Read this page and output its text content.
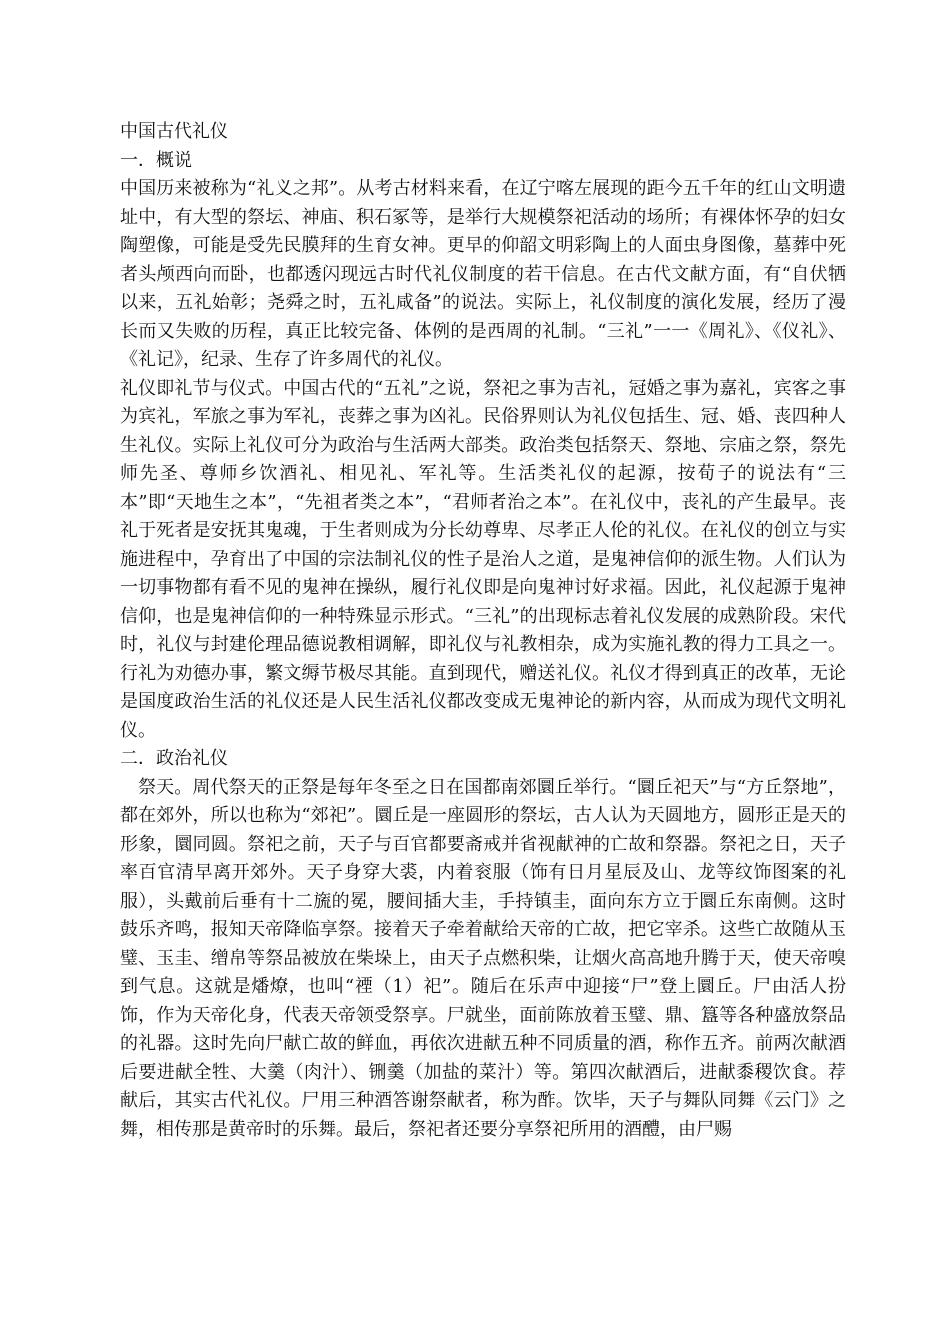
中国古代礼仪

一．概说

中国历来被称为“礼义之邦”。从考古材料来看，在辽宁喀左展现的距今五千年的红山文明遗址中，有大型的祭坛、神庙、积石冢等，是举行大规模祭祀活动的场所；有裸体怀孕的妇女陶塑像，可能是受先民膜拜的生育女神。更早的仰韶文明彩陶上的人面虫身图像，墓葬中死者头颅西向而卧，也都透闪现远古时代礼仪制度的若干信息。在古代文献方面，有“自伏牺以来，五礼始彰；尧舜之时，五礼咸备”的说法。实际上，礼仪制度的演化发展，经历了漫长而又失败的历程，真正比较完备、体例的是西周的礼制。“三礼”一一《周礼》、《仪礼》、《礼记》，纪录、生存了许多周代的礼仪。

礼仪即礼节与仪式。中国古代的“五礼”之说，祭祀之事为吉礼，冠婚之事为嘉礼，宾客之事为宾礼，军旅之事为军礼，丧葬之事为凶礼。民俗界则认为礼仪包括生、冠、婚、丧四种人生礼仪。实际上礼仪可分为政治与生活两大部类。政治类包括祭天、祭地、宗庙之祭，祭先师先圣、尊师乡饮酒礼、相见礼、军礼等。生活类礼仪的起源，按荀子的说法有“三本”即“天地生之本”，“先祖者类之本”，“君师者治之本”。在礼仪中，丧礼的产生最早。丧礼于死者是安抚其鬼魂，于生者则成为分长幼尊卑、尽孝正人伦的礼仪。在礼仪的创立与实施进程中，孕育出了中国的宗法制礼仪的性子是治人之道，是鬼神信仰的派生物。人们认为一切事物都有看不见的鬼神在操纵，履行礼仪即是向鬼神讨好求福。因此，礼仪起源于鬼神信仰，也是鬼神信仰的一种特殊显示形式。“三礼”的出现标志着礼仪发展的成熟阶段。宋代时，礼仪与封建伦理品德说教相调解，即礼仪与礼教相杂，成为实施礼教的得力工具之一。行礼为劝德办事，繁文缛节极尽其能。直到现代，赠送礼仪。礼仪才得到真正的改革，无论是国度政治生活的礼仪还是人民生活礼仪都改变成无鬼神论的新内容，从而成为现代文明礼仪。

二．政治礼仪

祭天。周代祭天的正祭是每年冬至之日在国都南郊圜丘举行。“圜丘祀天”与“方丘祭地”，都在郊外，所以也称为“郊祀”。圜丘是一座圆形的祭坛，古人认为天圆地方，圆形正是天的形象，圜同圆。祭祀之前，天子与百官都要斋戒并省视献神的亡故和祭器。祭祀之日，天子率百官清早离开郊外。天子身穿大裘，内着衮服（饰有日月星辰及山、龙等纹饰图案的礼服），头戴前后垂有十二旒的冕，腰间插大圭，手持镇圭，面向东方立于圜丘东南侧。这时鼓乐齐鸣，报知天帝降临享祭。接着天子牵着献给天帝的亡故，把它宰杀。这些亡故随从玉璧、玉圭、缯帛等祭品被放在柴垛上，由天子点燃积柴，让烟火高高地升腾于天，使天帝嗅到气息。这就是燔燎，也叫“禋（1）祀”。随后在乐声中迎接“尸”登上圜丘。尸由活人扮饰，作为天帝化身，代表天帝领受祭享。尸就坐，面前陈放着玉璧、鼎、簋等各种盛放祭品的礼器。这时先向尸献亡故的鲜血，再依次进献五种不同质量的酒，称作五齐。前两次献酒后要进献全牲、大羹（肉汁）、铏羹（加盐的菜汁）等。第四次献酒后，进献黍稷饮食。荐献后，其实古代礼仪。尸用三种酒答谢祭献者，称为酢。饮毕，天子与舞队同舞《云门》之舞，相传那是黄帝时的乐舞。最后，祭祀者还要分享祭祀所用的酒醴，由尸赐
